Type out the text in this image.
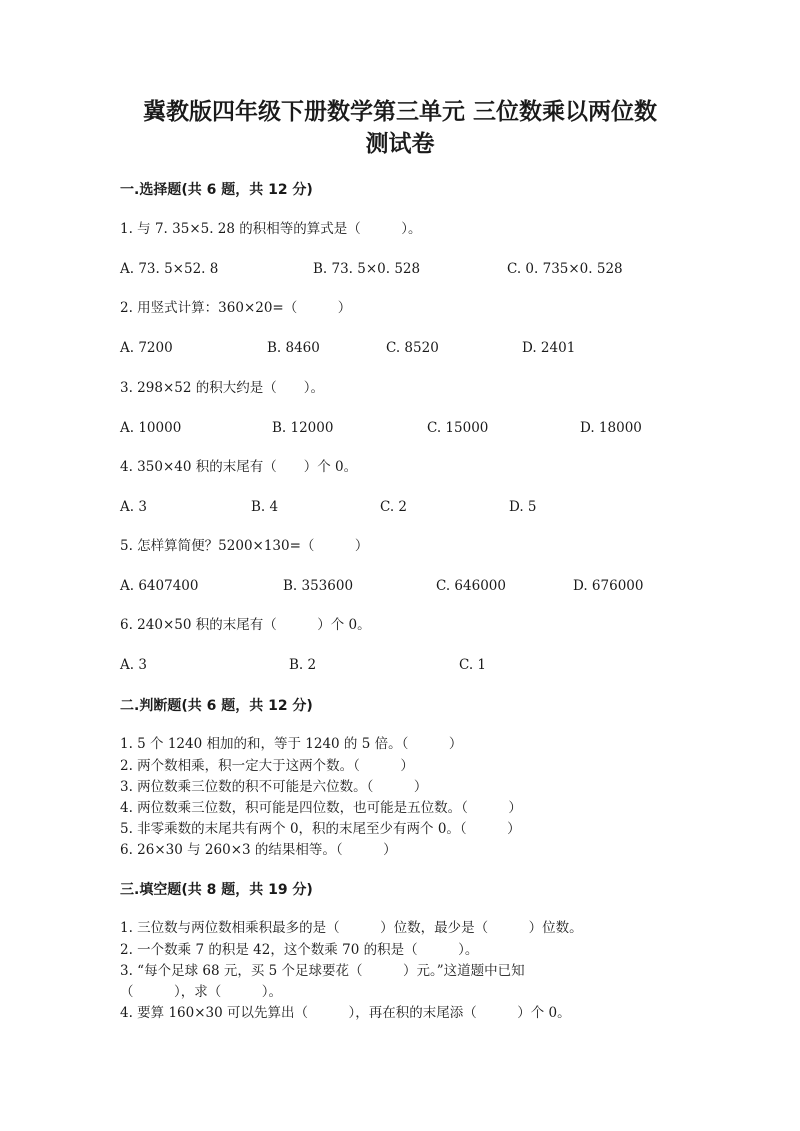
冀教版四年级下册数学第三单元 三位数乘以两位数
测试卷
一.选择题(共 6 题，共 12 分)
1. 与 7. 35×5. 28 的积相等的算式是（　　　）。
A. 73. 5×52. 8	B. 73. 5×0. 528	C. 0. 735×0. 528
2. 用竖式计算：360×20=（　　　）
A. 7200	B. 8460	C. 8520	D. 2401
3. 298×52 的积大约是（　　）。
A. 10000	B. 12000	C. 15000	D. 18000
4. 350×40 积的末尾有（　　）个 0。
A. 3	B. 4	C. 2	D. 5
5. 怎样算简便？5200×130=（　　　）
A. 6407400	B. 353600	C. 646000	D. 676000
6. 240×50 积的末尾有（　　　）个 0。
A. 3	B. 2	C. 1
二.判断题(共 6 题，共 12 分)
1. 5 个 1240 相加的和，等于 1240 的 5 倍。（　　　）
2. 两个数相乘，积一定大于这两个数。（　　　）
3. 两位数乘三位数的积不可能是六位数。（　　　）
4. 两位数乘三位数，积可能是四位数，也可能是五位数。（　　　）
5. 非零乘数的末尾共有两个 0，积的末尾至少有两个 0。（　　　）
6. 26×30 与 260×3 的结果相等。（　　　）
三.填空题(共 8 题，共 19 分)
1. 三位数与两位数相乘积最多的是（　　　）位数，最少是（　　　）位数。
2. 一个数乘 7 的积是 42，这个数乘 70 的积是（　　　）。
3. “每个足球 68 元，买 5 个足球要花（　　　）元。”这道题中已知
（　　　），求（　　　）。
4. 要算 160×30 可以先算出（　　　），再在积的末尾添（　　　）个 0。
